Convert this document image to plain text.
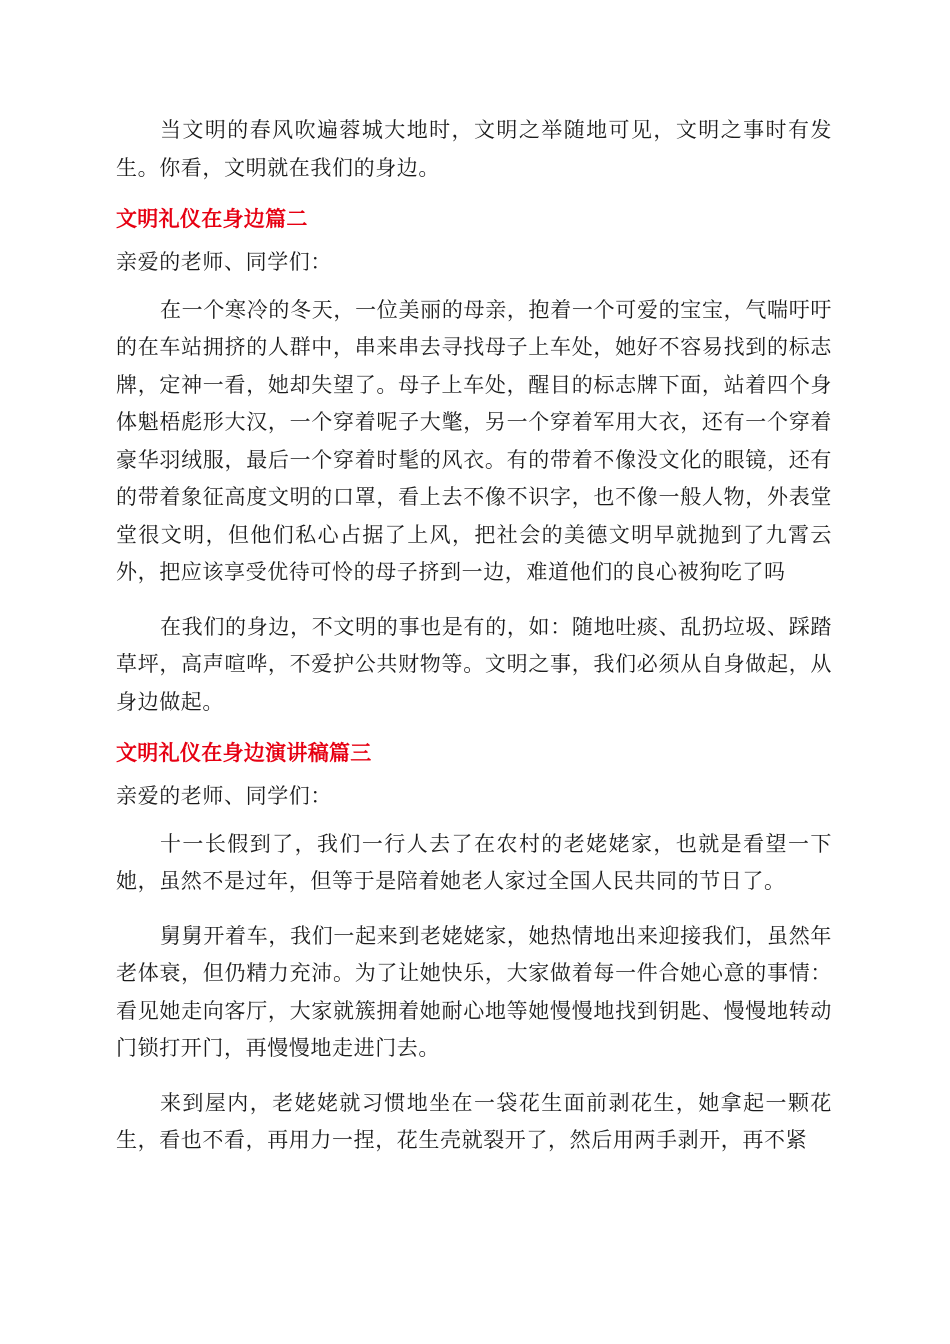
当文明的春风吹遍蓉城大地时，文明之举随地可见，文明之事时有发生。你看，文明就在我们的身边。

文明礼仪在身边篇二

亲爱的老师、同学们：

在一个寒冷的冬天，一位美丽的母亲，抱着一个可爱的宝宝，气喘吁吁的在车站拥挤的人群中，串来串去寻找母子上车处，她好不容易找到的标志牌，定神一看，她却失望了。母子上车处，醒目的标志牌下面，站着四个身体魁梧彪形大汉，一个穿着呢子大氅，另一个穿着军用大衣，还有一个穿着豪华羽绒服，最后一个穿着时髦的风衣。有的带着不像没文化的眼镜，还有的带着象征高度文明的口罩，看上去不像不识字，也不像一般人物，外表堂堂很文明，但他们私心占据了上风，把社会的美德文明早就抛到了九霄云外，把应该享受优待可怜的母子挤到一边，难道他们的良心被狗吃了吗

在我们的身边，不文明的事也是有的，如：随地吐痰、乱扔垃圾、踩踏草坪，高声喧哗，不爱护公共财物等。文明之事，我们必须从自身做起，从身边做起。

文明礼仪在身边演讲稿篇三

亲爱的老师、同学们：

十一长假到了，我们一行人去了在农村的老姥姥家，也就是看望一下她，虽然不是过年，但等于是陪着她老人家过全国人民共同的节日了。

舅舅开着车，我们一起来到老姥姥家，她热情地出来迎接我们，虽然年老体衰，但仍精力充沛。为了让她快乐，大家做着每一件合她心意的事情：看见她走向客厅，大家就簇拥着她耐心地等她慢慢地找到钥匙、慢慢地转动门锁打开门，再慢慢地走进门去。

来到屋内，老姥姥就习惯地坐在一袋花生面前剥花生，她拿起一颗花生，看也不看，再用力一捏，花生壳就裂开了，然后用两手剥开，再不紧
